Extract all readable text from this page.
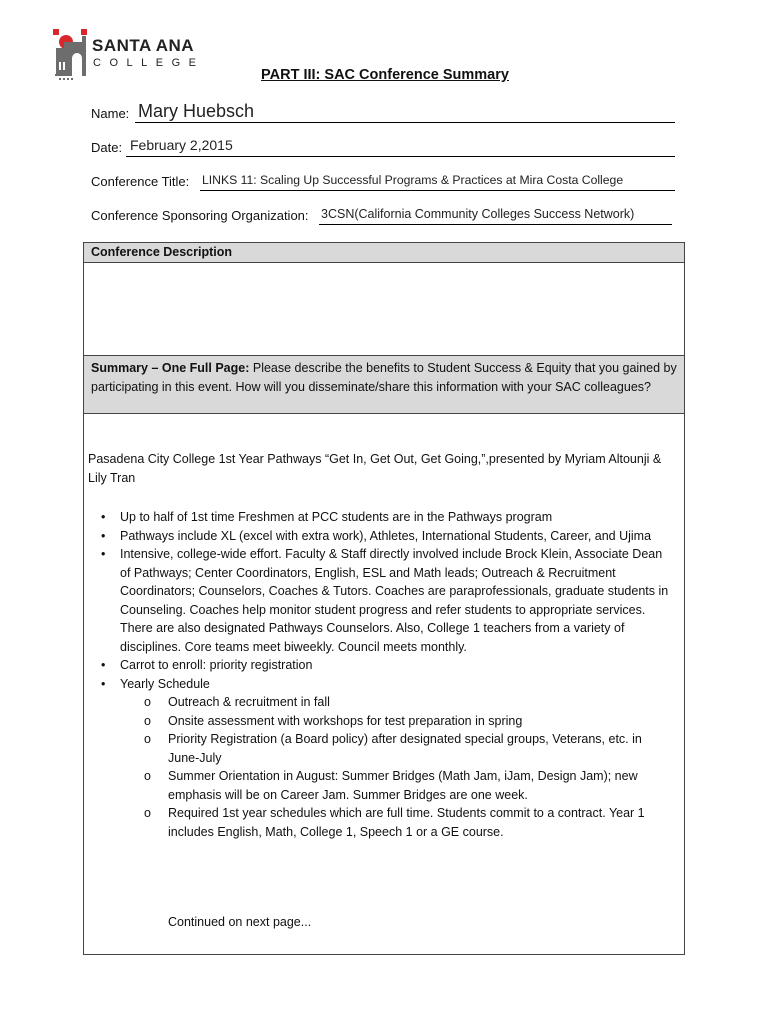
SANTA ANA
COLLEGE
PART III: SAC Conference Summary
Name: Mary Huebsch
Date: February 2,2015
Conference Title: LINKS 11: Scaling Up Successful Programs & Practices at Mira Costa College
Conference Sponsoring Organization: 3CSN(California Community Colleges Success Network)
Conference Description

Summary – One Full Page: Please describe the benefits to Student Success & Equity that you gained by participating in this event. How will you disseminate/share this information with your SAC colleagues?

Pasadena City College 1st Year Pathways “Get In, Get Out, Get Going,”,presented by Myriam Altounji & Lily Tran

• Up to half of 1st time Freshmen at PCC students are in the Pathways program
• Pathways include XL (excel with extra work), Athletes, International Students, Career, and Ujima
• Intensive, college-wide effort. Faculty & Staff directly involved include Brock Klein, Associate Dean of Pathways; Center Coordinators, English, ESL and Math leads; Outreach & Recruitment Coordinators; Counselors, Coaches & Tutors. Coaches are paraprofessionals, graduate students in Counseling. Coaches help monitor student progress and refer students to appropriate services. There are also designated Pathways Counselors. Also, College 1 teachers from a variety of disciplines. Core teams meet biweekly. Council meets monthly.
• Carrot to enroll: priority registration
• Yearly Schedule
o Outreach & recruitment in fall
o Onsite assessment with workshops for test preparation in spring
o Priority Registration (a Board policy) after designated special groups, Veterans, etc. in June-July
o Summer Orientation in August: Summer Bridges (Math Jam, iJam, Design Jam); new emphasis will be on Career Jam. Summer Bridges are one week.
o Required 1st year schedules which are full time. Students commit to a contract. Year 1 includes English, Math, College 1, Speech 1 or a GE course.
Continued on next page...
